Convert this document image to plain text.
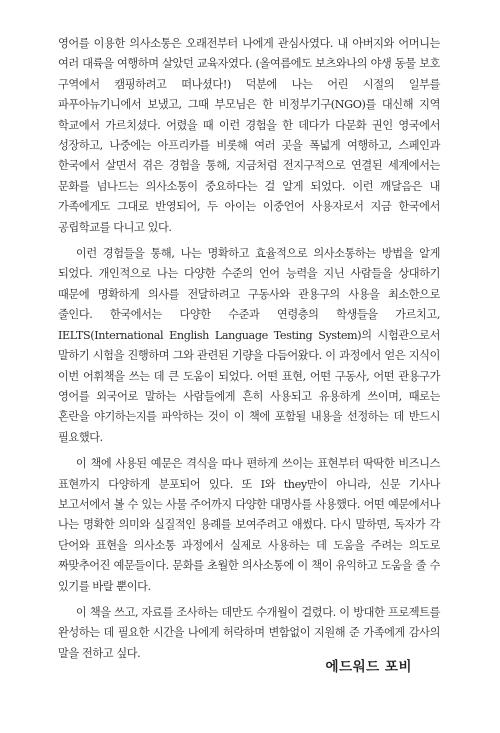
영어를 이용한 의사소통은 오래전부터 나에게 관심사였다. 내 아버지와 어머니는 여러 대륙을 여행하며 살았던 교육자였다. (올여름에도 보츠와나의 야생 동물 보호 구역에서 캠핑하려고 떠나셨다!) 덕분에 나는 어린 시절의 일부를 파푸아뉴기니에서 보냈고, 그때 부모님은 한 비정부기구(NGO)를 대신해 지역 학교에서 가르치셨다. 어렸을 때 이런 경험을 한 데다가 다문화 권인 영국에서 성장하고, 나중에는 아프리카를 비롯해 여러 곳을 폭넓게 여행하고, 스페인과 한국에서 살면서 겪은 경험을 통해, 지금처럼 전지구적으로 연결된 세계에서는 문화를 넘나드는 의사소통이 중요하다는 걸 알게 되었다. 이런 깨달음은 내 가족에게도 그대로 반영되어, 두 아이는 이중언어 사용자로서 지금 한국에서 공립학교를 다니고 있다.

이런 경험들을 통해, 나는 명확하고 효율적으로 의사소통하는 방법을 알게 되었다. 개인적으로 나는 다양한 수준의 언어 능력을 지닌 사람들을 상대하기 때문에 명확하게 의사를 전달하려고 구동사와 관용구의 사용을 최소한으로 줄인다. 한국에서는 다양한 수준과 연령층의 학생들을 가르치고, IELTS(International English Language Testing System)의 시험관으로서 말하기 시험을 진행하며 그와 관련된 기량을 다듬어왔다. 이 과정에서 얻은 지식이 이번 어휘책을 쓰는 데 큰 도움이 되었다. 어떤 표현, 어떤 구동사, 어떤 관용구가 영어를 외국어로 말하는 사람들에게 흔히 사용되고 유용하게 쓰이며, 때로는 혼란을 야기하는지를 파악하는 것이 이 책에 포함될 내용을 선정하는 데 반드시 필요했다.

이 책에 사용된 예문은 격식을 따나 편하게 쓰이는 표현부터 딱딱한 비즈니스 표현까지 다양하게 분포되어 있다. 또 I와 they만이 아니라, 신문 기사나 보고서에서 볼 수 있는 사물 주어까지 다양한 대명사를 사용했다. 어떤 예문에서나 나는 명확한 의미와 실질적인 용례를 보여주려고 애썼다. 다시 말하면, 독자가 각 단어와 표현을 의사소통 과정에서 실제로 사용하는 데 도움을 주려는 의도로 짜맞추어진 예문들이다. 문화를 초월한 의사소통에 이 책이 유익하고 도움을 줄 수 있기를 바랄 뿐이다.

이 책을 쓰고, 자료를 조사하는 데만도 수개월이 걸렸다. 이 방대한 프로젝트를 완성하는 데 필요한 시간을 나에게 허락하며 변함없이 지원해 준 가족에게 감사의 말을 전하고 싶다.

에드워드 포비
